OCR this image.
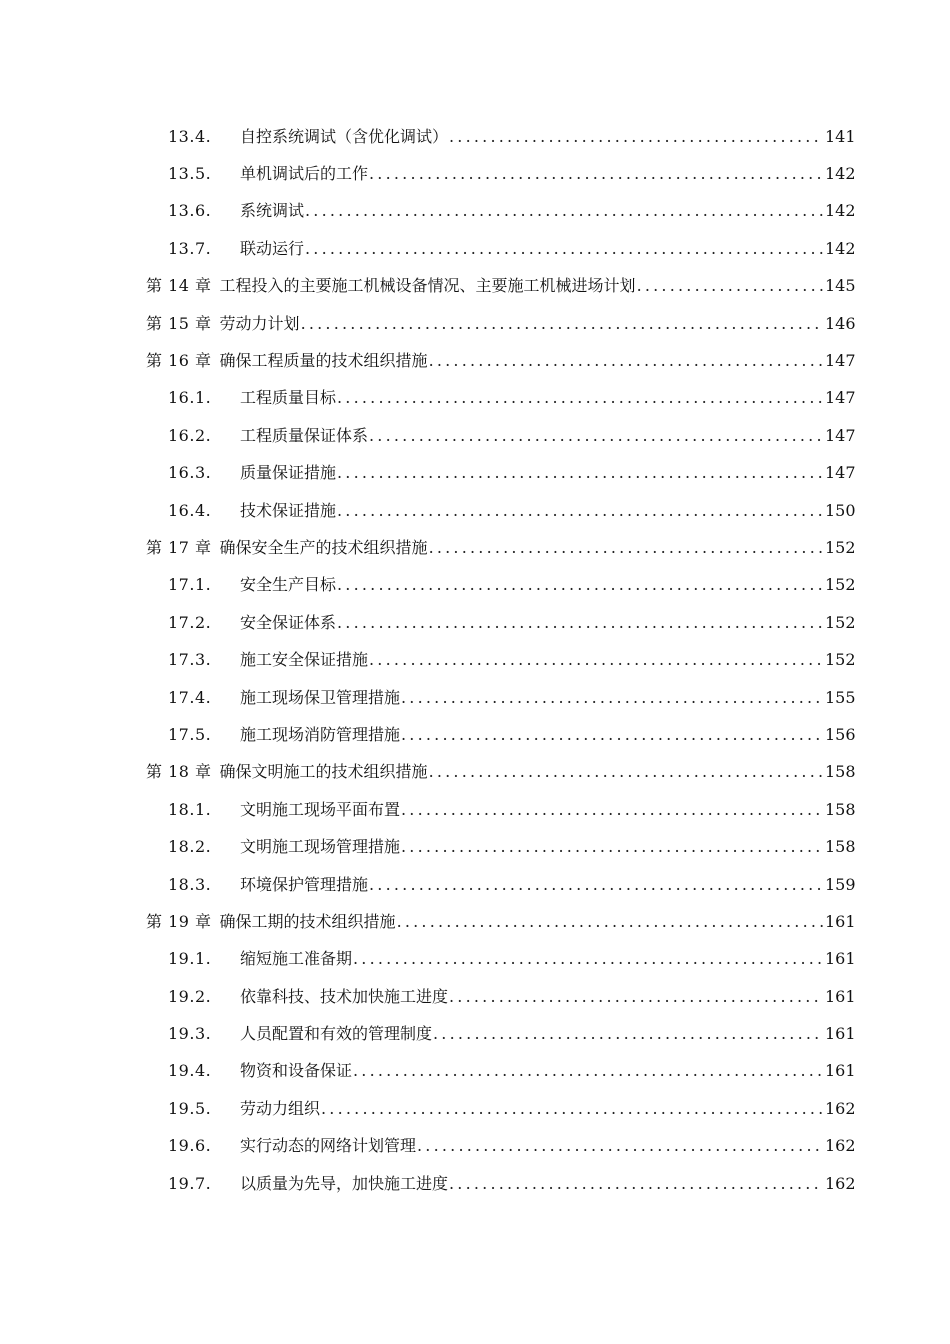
13.4.	自控系统调试（含优化调试） .....	141
13.5.	单机调试后的工作 .....	142
13.6.	系统调试 .....	142
13.7.	联动运行 .....	142
第 14 章 工程投入的主要施工机械设备情况、主要施工机械进场计划 .....	145
第 15 章 劳动力计划 .....	146
第 16 章 确保工程质量的技术组织措施 .....	147
16.1.	工程质量目标 .....	147
16.2.	工程质量保证体系 .....	147
16.3.	质量保证措施 .....	147
16.4.	技术保证措施 .....	150
第 17 章 确保安全生产的技术组织措施 .....	152
17.1.	安全生产目标 .....	152
17.2.	安全保证体系 .....	152
17.3.	施工安全保证措施 .....	152
17.4.	施工现场保卫管理措施 .....	155
17.5.	施工现场消防管理措施 .....	156
第 18 章 确保文明施工的技术组织措施 .....	158
18.1.	文明施工现场平面布置 .....	158
18.2.	文明施工现场管理措施 .....	158
18.3.	环境保护管理措施 .....	159
第 19 章 确保工期的技术组织措施 .....	161
19.1.	缩短施工准备期 .....	161
19.2.	依靠科技、技术加快施工进度 .....	161
19.3.	人员配置和有效的管理制度 .....	161
19.4.	物资和设备保证 .....	161
19.5.	劳动力组织 .....	162
19.6.	实行动态的网络计划管理 .....	162
19.7.	以质量为先导，加快施工进度 .....	162
